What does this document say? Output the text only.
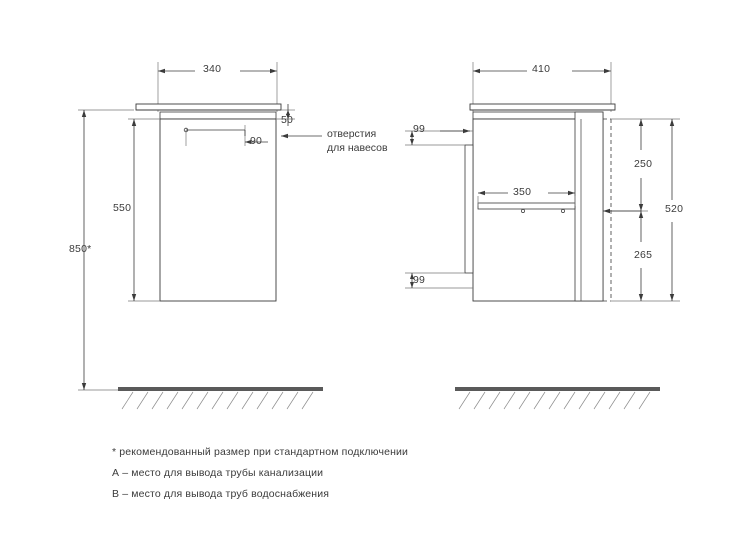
340
50
90
550
850*
410
99
350
99
250
265
520
отверстия
для навесов
* рекомендованный размер при стандартном подключении
А – место для вывода трубы канализации
В – место для вывода труб водоснабжения
